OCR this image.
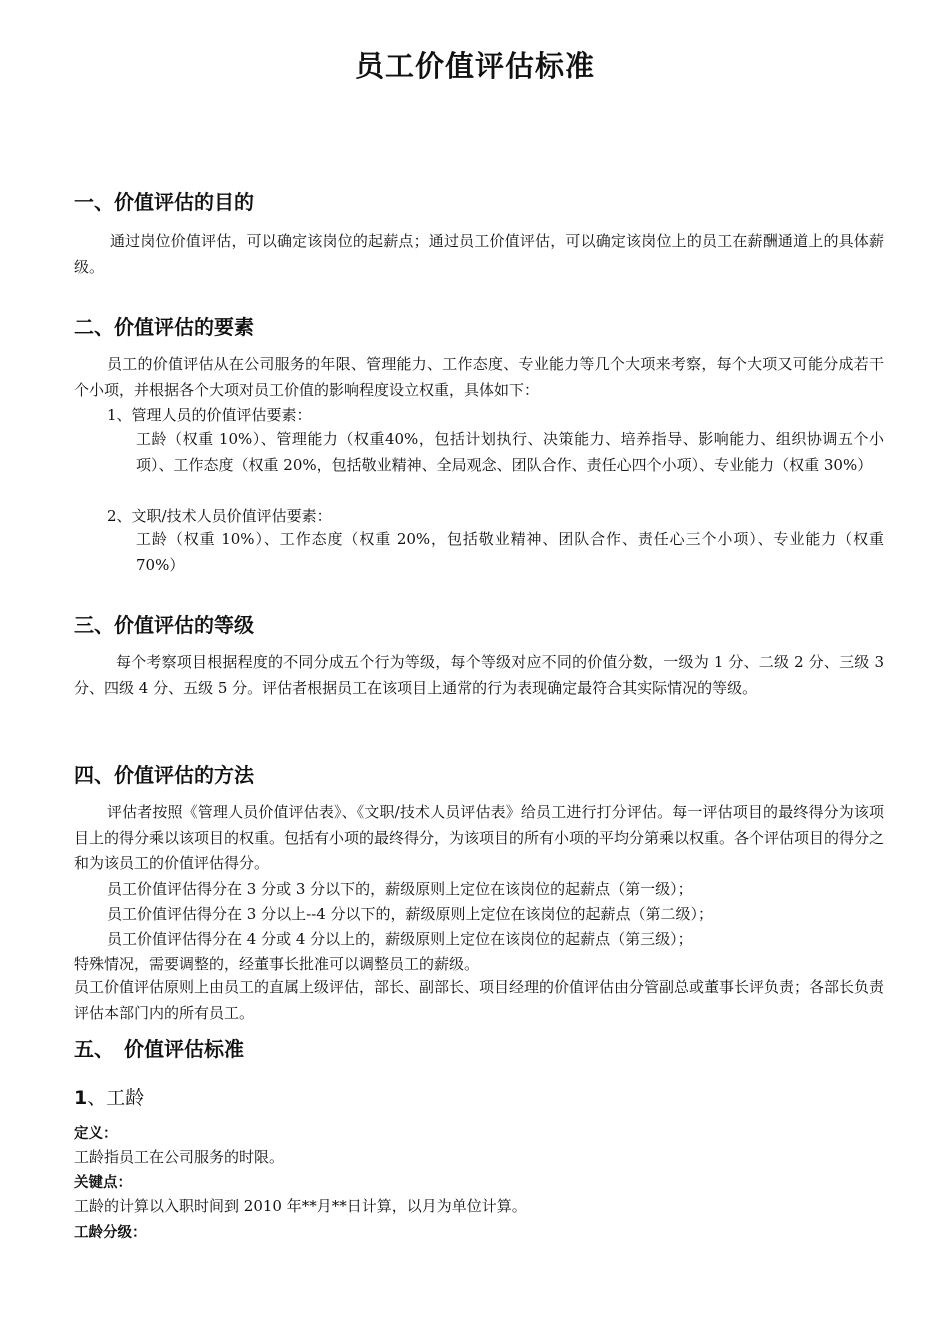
员工价值评估标准
一、价值评估的目的
通过岗位价值评估，可以确定该岗位的起薪点；通过员工价值评估，可以确定该岗位上的员工在薪酬通道上的具体薪级。
二、价值评估的要素
员工的价值评估从在公司服务的年限、管理能力、工作态度、专业能力等几个大项来考察，每个大项又可能分成若干个小项，并根据各个大项对员工价值的影响程度设立权重，具体如下：
1、管理人员的价值评估要素：
工龄（权重 10%）、管理能力（权重40%，包括计划执行、决策能力、培养指导、影响能力、组织协调五个小项）、工作态度（权重 20%，包括敬业精神、全局观念、团队合作、责任心四个小项）、专业能力（权重 30%）
2、文职/技术人员价值评估要素：
工龄（权重 10%）、工作态度（权重 20%，包括敬业精神、团队合作、责任心三个小项）、专业能力（权重 70%）
三、价值评估的等级
每个考察项目根据程度的不同分成五个行为等级，每个等级对应不同的价值分数，一级为 1 分、二级 2 分、三级 3 分、四级 4 分、五级 5 分。评估者根据员工在该项目上通常的行为表现确定最符合其实际情况的等级。
四、价值评估的方法
评估者按照《管理人员价值评估表》、《文职/技术人员评估表》给员工进行打分评估。每一评估项目的最终得分为该项目上的得分乘以该项目的权重。包括有小项的最终得分，为该项目的所有小项的平均分第乘以权重。各个评估项目的得分之和为该员工的价值评估得分。
员工价值评估得分在 3 分或 3 分以下的，薪级原则上定位在该岗位的起薪点（第一级）；
员工价值评估得分在 3 分以上--4 分以下的，薪级原则上定位在该岗位的起薪点（第二级）；
员工价值评估得分在 4 分或 4 分以上的，薪级原则上定位在该岗位的起薪点（第三级）；
特殊情况，需要调整的，经董事长批准可以调整员工的薪级。
员工价值评估原则上由员工的直属上级评估，部长、副部长、项目经理的价值评估由分管副总或董事长评负责；各部长负责评估本部门内的所有员工。
五、　价值评估标准
1、工龄
定义：
工龄指员工在公司服务的时限。
关键点：
工龄的计算以入职时间到 2010 年**月**日计算，以月为单位计算。
工龄分级：
